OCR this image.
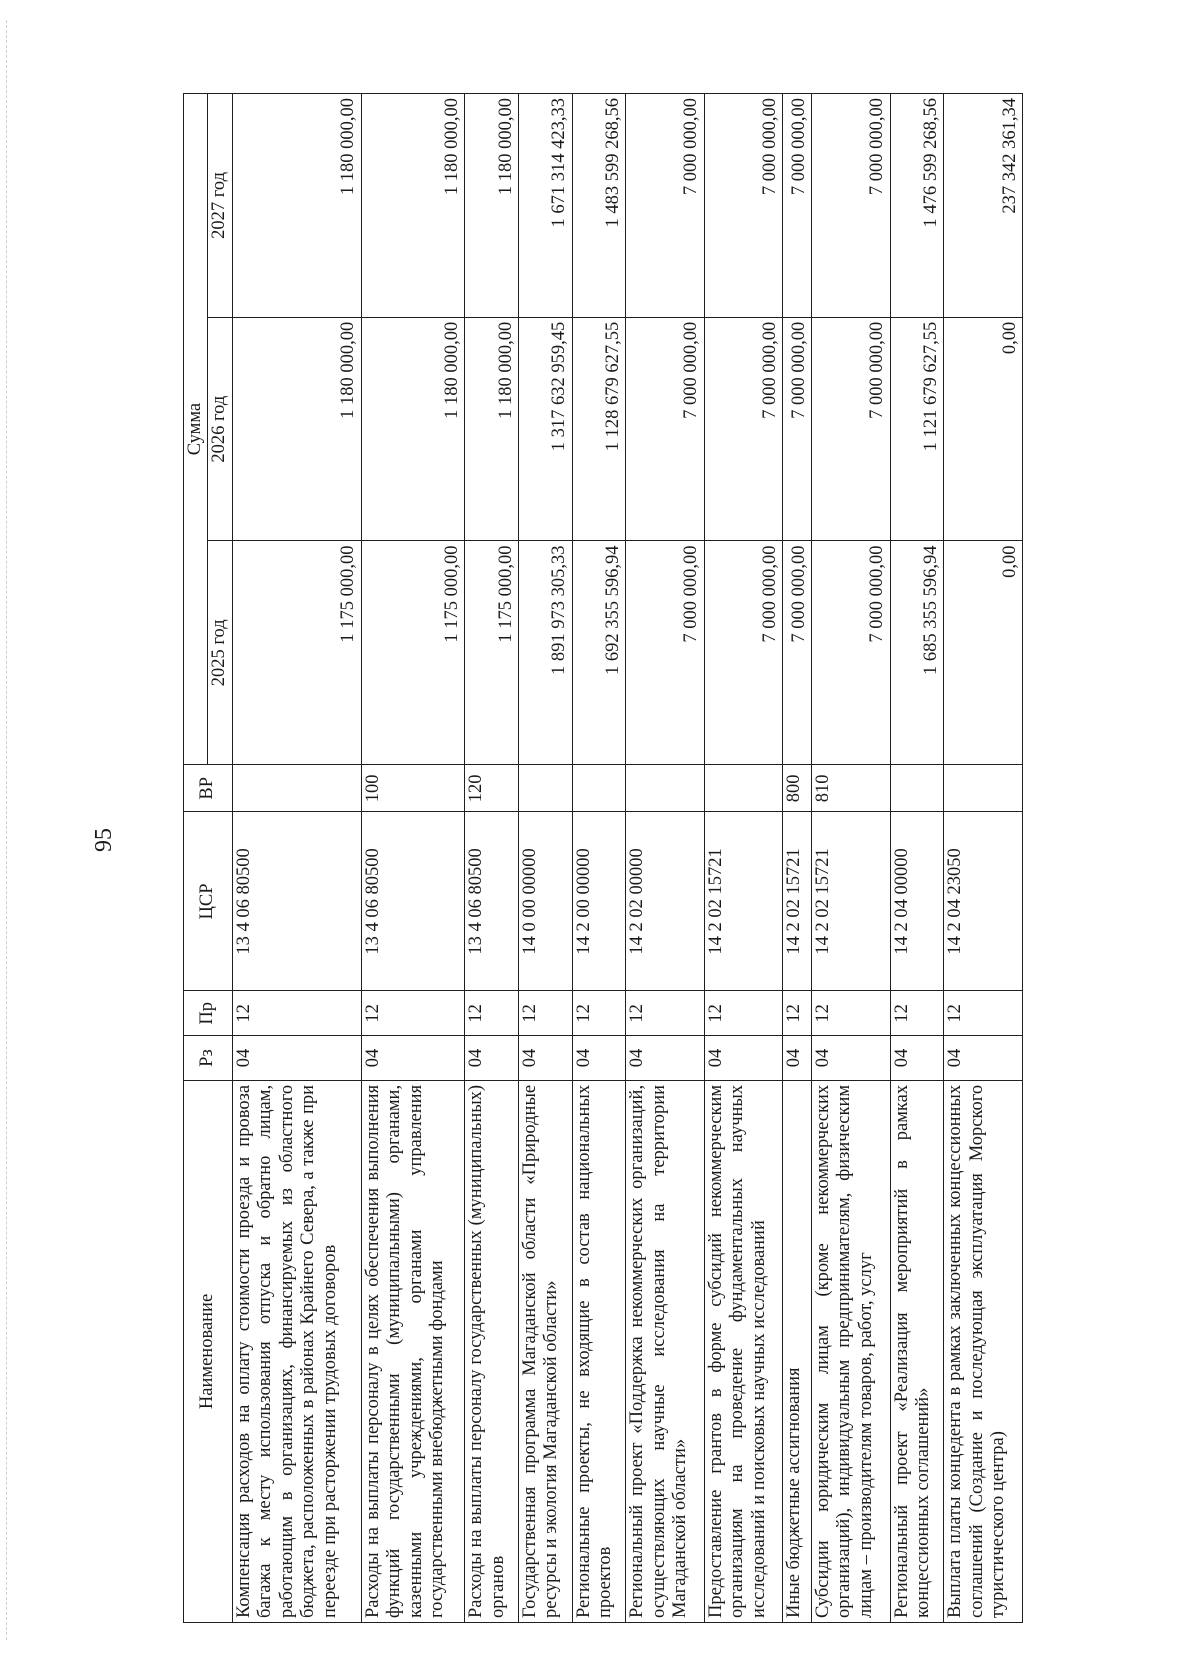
95
Наименование	Рз	Пр	ЦСР	ВР	Сумма		
					2025 год	2026 год	2027 год
Компенсация расходов на оплату стоимости проезда и провоза багажа к месту использования отпуска и обратно лицам, работающим в организациях, финансируемых из областного бюджета, расположенных в районах Крайнего Севера, а также при переезде при расторжении трудовых договоров	04	12	13 4 06 80500		1 175 000,00	1 180 000,00	1 180 000,00
Расходы на выплаты персоналу в целях обеспечения выполнения функций государственными (муниципальными) органами, казенными учреждениями, органами управления государственными внебюджетными фондами	04	12	13 4 06 80500	100	1 175 000,00	1 180 000,00	1 180 000,00
Расходы на выплаты персоналу государственных (муниципальных) органов	04	12	13 4 06 80500	120	1 175 000,00	1 180 000,00	1 180 000,00
Государственная программа Магаданской области «Природные ресурсы и экология Магаданской области»	04	12	14 0 00 00000		1 891 973 305,33	1 317 632 959,45	1 671 314 423,33
Региональные проекты, не входящие в состав национальных проектов	04	12	14 2 00 00000		1 692 355 596,94	1 128 679 627,55	1 483 599 268,56
Региональный проект «Поддержка некоммерческих организаций, осуществляющих научные исследования на территории Магаданской области»	04	12	14 2 02 00000		7 000 000,00	7 000 000,00	7 000 000,00
Предоставление грантов в форме субсидий некоммерческим организациям на проведение фундаментальных научных исследований и поисковых научных исследований	04	12	14 2 02 15721		7 000 000,00	7 000 000,00	7 000 000,00
Иные бюджетные ассигнования	04	12	14 2 02 15721	800	7 000 000,00	7 000 000,00	7 000 000,00
Субсидии юридическим лицам (кроме некоммерческих организаций), индивидуальным предпринимателям, физическим лицам – производителям товаров, работ, услуг	04	12	14 2 02 15721	810	7 000 000,00	7 000 000,00	7 000 000,00
Региональный проект «Реализация мероприятий в рамках концессионных соглашений»	04	12	14 2 04 00000		1 685 355 596,94	1 121 679 627,55	1 476 599 268,56
Выплата платы концедента в рамках заключенных концессионных соглашений (Создание и последующая эксплуатация Морского туристического центра)	04	12	14 2 04 23050		0,00	0,00	237 342 361,34
